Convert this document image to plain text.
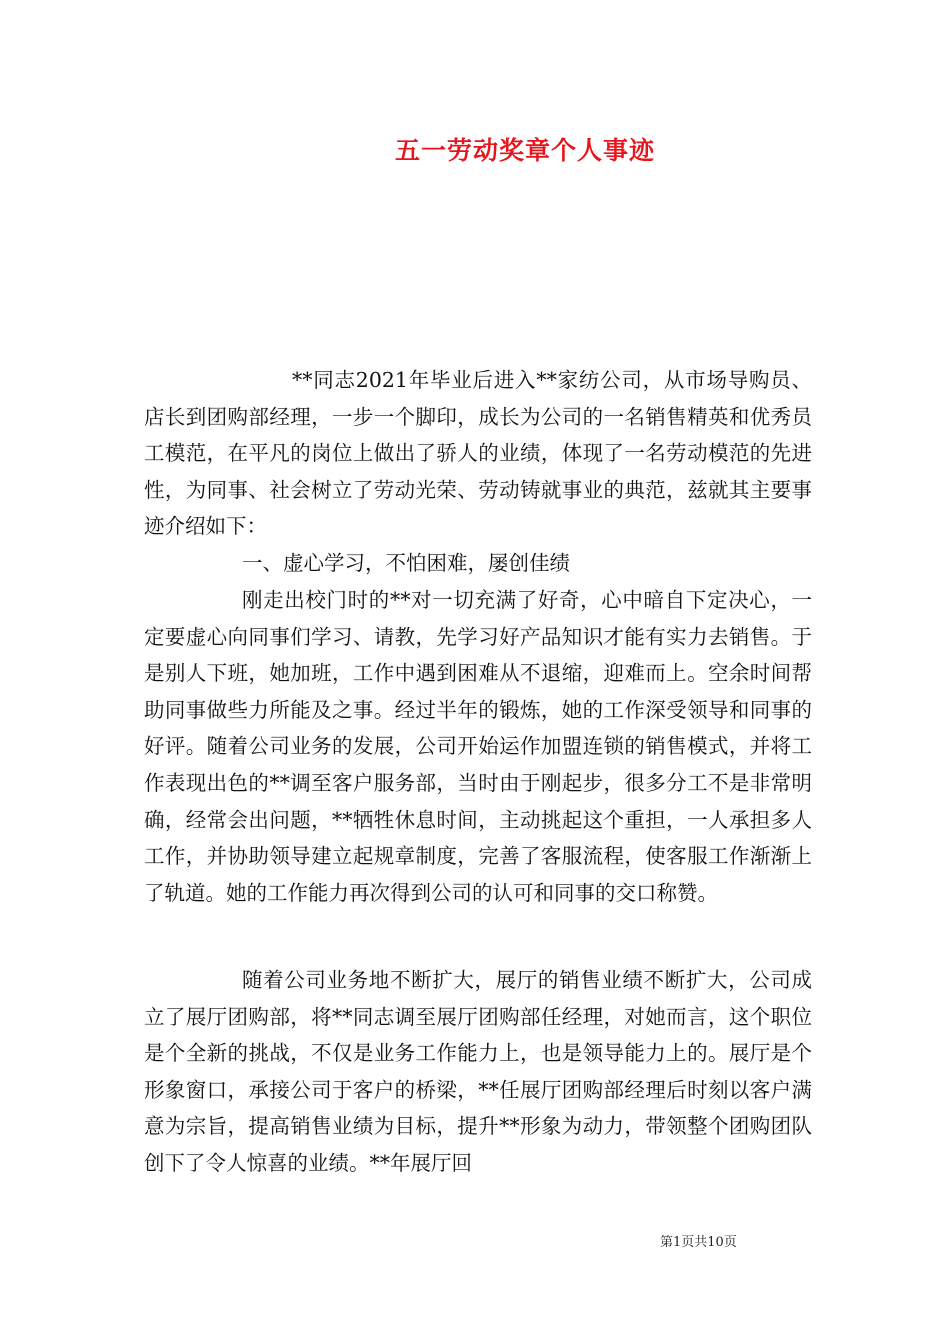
五一劳动奖章个人事迹

**同志2021年毕业后进入**家纺公司，从市场导购员、店长到团购部经理，一步一个脚印，成长为公司的一名销售精英和优秀员工模范，在平凡的岗位上做出了骄人的业绩，体现了一名劳动模范的先进性，为同事、社会树立了劳动光荣、劳动铸就事业的典范，兹就其主要事迹介绍如下：

一、虚心学习，不怕困难，屡创佳绩

刚走出校门时的**对一切充满了好奇，心中暗自下定决心，一定要虚心向同事们学习、请教，先学习好产品知识才能有实力去销售。于是别人下班，她加班，工作中遇到困难从不退缩，迎难而上。空余时间帮助同事做些力所能及之事。经过半年的锻炼，她的工作深受领导和同事的好评。随着公司业务的发展，公司开始运作加盟连锁的销售模式，并将工作表现出色的**调至客户服务部，当时由于刚起步，很多分工不是非常明确，经常会出问题，**牺牲休息时间，主动挑起这个重担，一人承担多人工作，并协助领导建立起规章制度，完善了客服流程，使客服工作渐渐上了轨道。她的工作能力再次得到公司的认可和同事的交口称赞。

随着公司业务地不断扩大，展厅的销售业绩不断扩大，公司成立了展厅团购部，将**同志调至展厅团购部任经理，对她而言，这个职位是个全新的挑战，不仅是业务工作能力上，也是领导能力上的。展厅是个形象窗口，承接公司于客户的桥梁，**任展厅团购部经理后时刻以客户满意为宗旨，提高销售业绩为目标，提升**形象为动力，带领整个团购团队创下了令人惊喜的业绩。**年展厅回

第1页共10页
